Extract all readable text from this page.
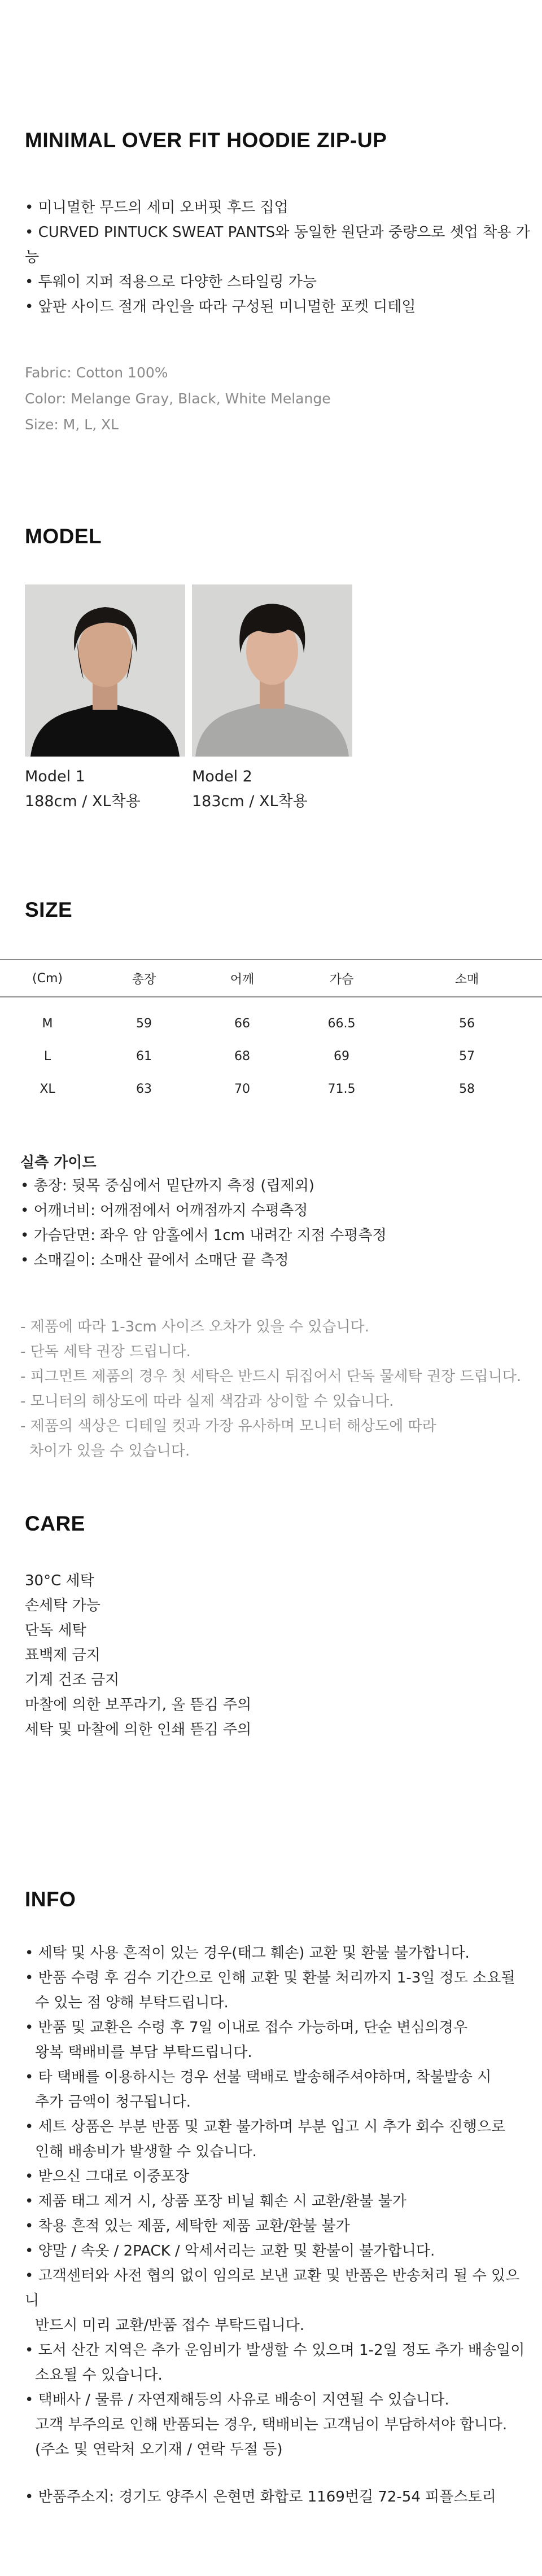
MINIMAL OVER FIT HOODIE ZIP-UP
• 미니멀한 무드의 세미 오버핏 후드 집업
• CURVED PINTUCK SWEAT PANTS와 동일한 원단과 중량으로 셋업 착용 가능
• 투웨이 지퍼 적용으로 다양한 스타일링 가능
• 앞판 사이드 절개 라인을 따라 구성된 미니멀한 포켓 디테일
Fabric: Cotton 100%
Color: Melange Gray, Black, White Melange
Size: M, L, XL
MODEL
Model 1
188cm / XL착용
Model 2
183cm / XL착용
SIZE
(Cm)	총장	어깨	가슴	소매
M	59	66	66.5	56
L	61	68	69	57
XL	63	70	71.5	58
실측 가이드
• 총장: 뒷목 중심에서 밑단까지 측정 (립제외)
• 어깨너비: 어깨점에서 어깨점까지 수평측정
• 가슴단면: 좌우 암 암홀에서 1cm 내려간 지점 수평측정
• 소매길이: 소매산 끝에서 소매단 끝 측정
- 제품에 따라 1-3cm 사이즈 오차가 있을 수 있습니다.
- 단독 세탁 권장 드립니다.
- 피그먼트 제품의 경우 첫 세탁은 반드시 뒤집어서 단독 물세탁 권장 드립니다.
- 모니터의 해상도에 따라 실제 색감과 상이할 수 있습니다.
- 제품의 색상은 디테일 컷과 가장 유사하며 모니터 해상도에 따라
차이가 있을 수 있습니다.
CARE
30°C 세탁
손세탁 가능
단독 세탁
표백제 금지
기계 건조 금지
마찰에 의한 보푸라기, 올 뜯김 주의
세탁 및 마찰에 의한 인쇄 뜯김 주의
INFO
• 세탁 및 사용 흔적이 있는 경우(태그 훼손) 교환 및 환불 불가합니다.
• 반품 수령 후 검수 기간으로 인해 교환 및 환불 처리까지 1-3일 정도 소요될
수 있는 점 양해 부탁드립니다.
• 반품 및 교환은 수령 후 7일 이내로 접수 가능하며, 단순 변심의경우
왕복 택배비를 부담 부탁드립니다.
• 타 택배를 이용하시는 경우 선불 택배로 발송해주셔야하며, 착불발송 시
추가 금액이 청구됩니다.
• 세트 상품은 부분 반품 및 교환 불가하며 부분 입고 시 추가 회수 진행으로
인해 배송비가 발생할 수 있습니다.
• 받으신 그대로 이중포장
• 제품 태그 제거 시, 상품 포장 비닐 훼손 시 교환/환불 불가
• 착용 흔적 있는 제품, 세탁한 제품 교환/환불 불가
• 양말 / 속옷 / 2PACK / 악세서리는 교환 및 환불이 불가합니다.
• 고객센터와 사전 협의 없이 임의로 보낸 교환 및 반품은 반송처리 될 수 있으니
반드시 미리 교환/반품 접수 부탁드립니다.
• 도서 산간 지역은 추가 운임비가 발생할 수 있으며 1-2일 정도 추가 배송일이
소요될 수 있습니다.
• 택배사 / 물류 / 자연재해등의 사유로 배송이 지연될 수 있습니다.
고객 부주의로 인해 반품되는 경우, 택배비는 고객님이 부담하셔야 합니다.
(주소 및 연락처 오기재 / 연락 두절 등)
• 반품주소지: 경기도 양주시 은현면 화합로 1169번길 72-54 피플스토리
